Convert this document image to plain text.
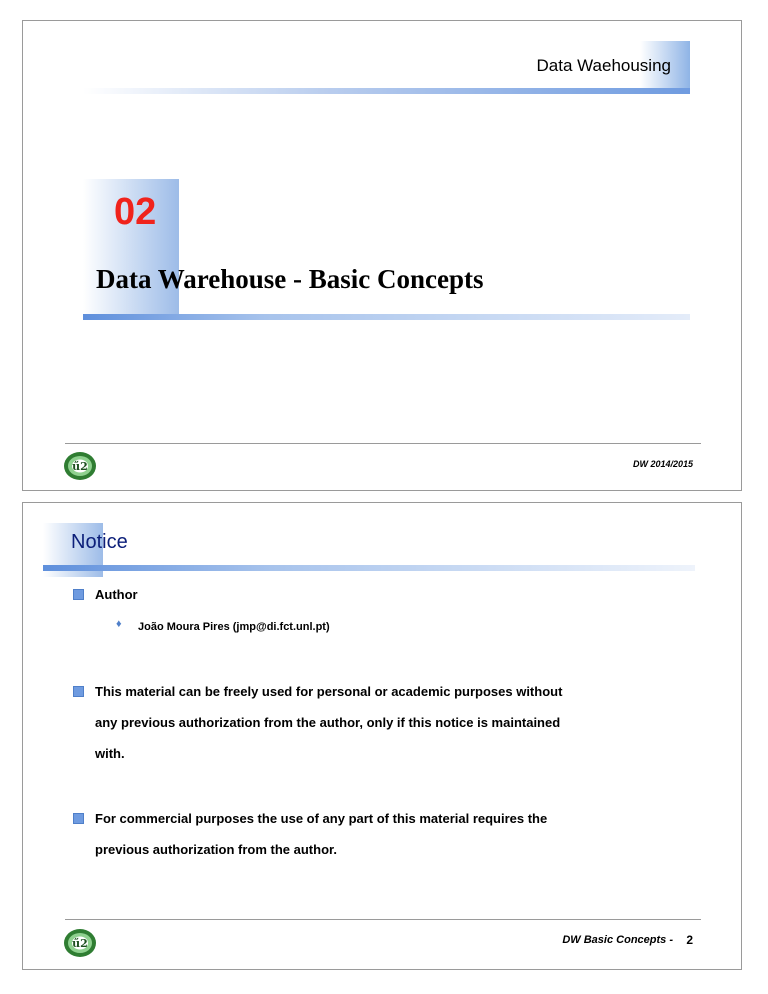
Data Waehousing
02
Data Warehouse - Basic Concepts
ű2	DW 2014/2015
Notice
Author
♦ João Moura Pires (jmp@di.fct.unl.pt)
This material can be freely used for personal or academic purposes without
any previous authorization from the author, only if this notice is maintained
with.
For commercial purposes the use of any part of this material requires the
previous authorization from the author.
ű2	DW Basic Concepts - 2
